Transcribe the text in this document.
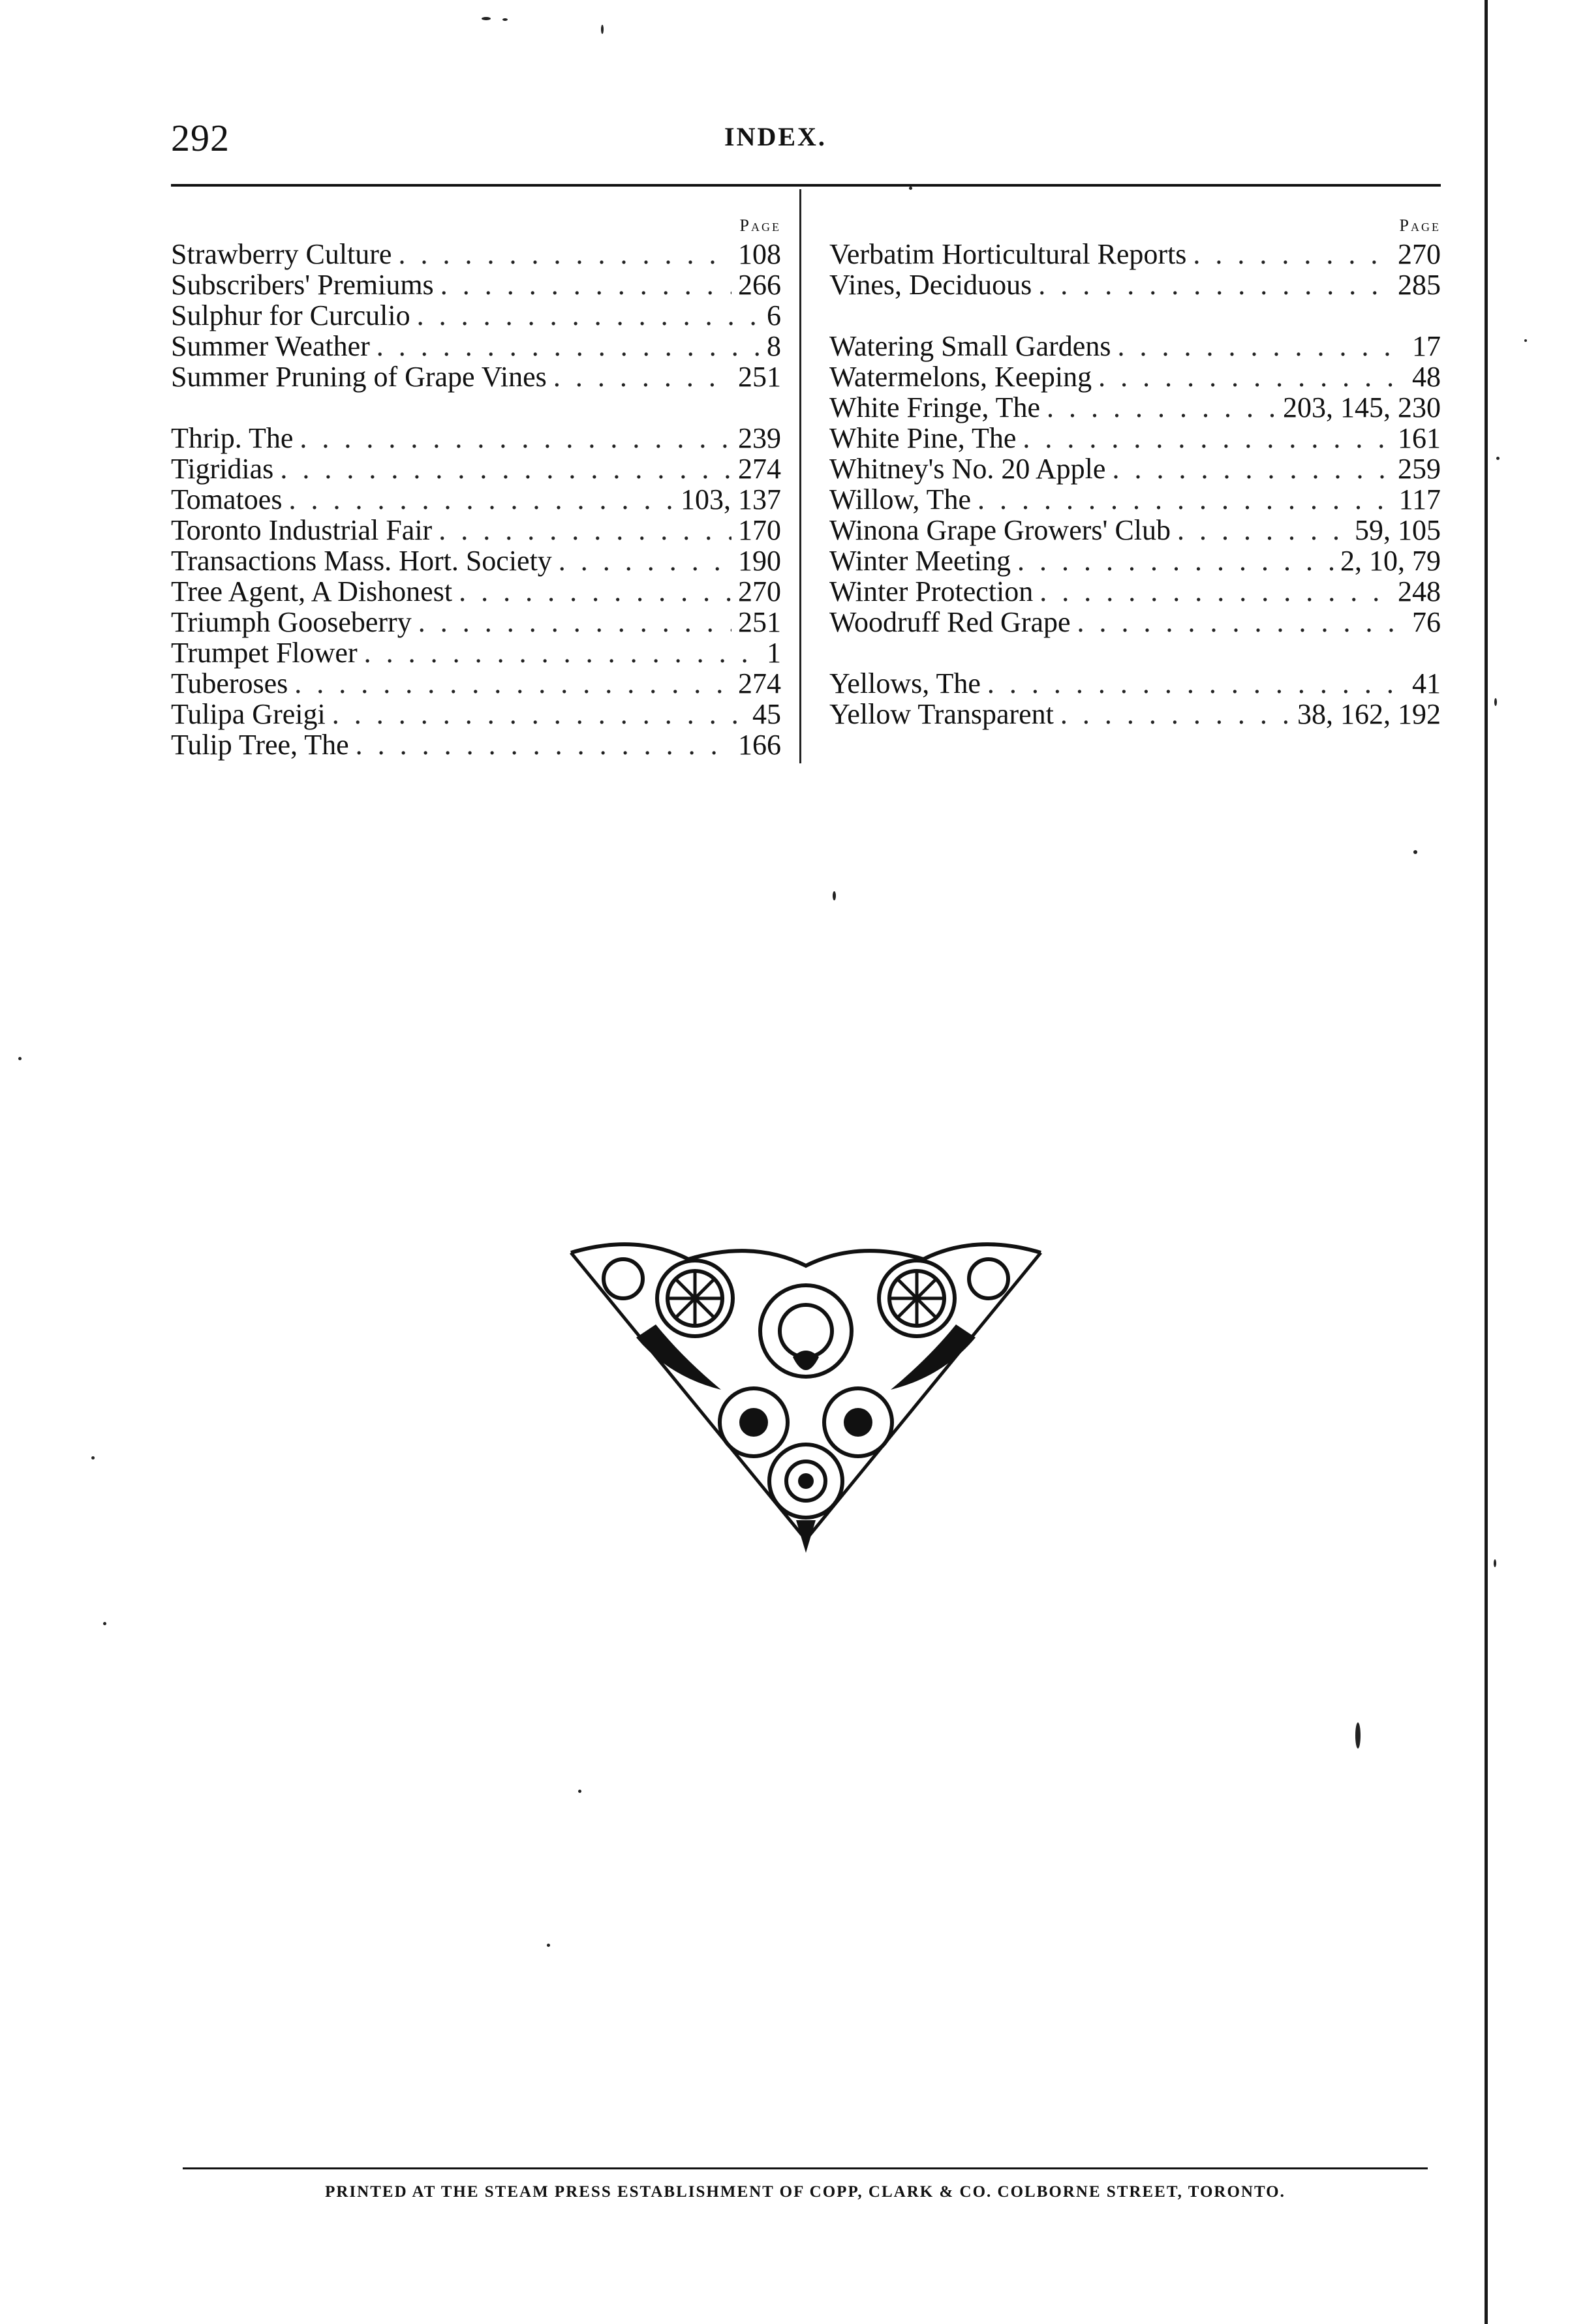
292	INDEX.
Page
Strawberry Culture . . .	108
Subscribers' Premiums . . .	266
Sulphur for Curculio . . .	6
Summer Weather . . .	8
Summer Pruning of Grape Vines . . .	251
Thrip. The . . .	239
Tigridias . . .	274
Tomatoes . . .	103, 137
Toronto Industrial Fair . . .	170
Transactions Mass. Hort. Society . . .	190
Tree Agent, A Dishonest . . .	270
Triumph Gooseberry . . .	251
Trumpet Flower . . .	1
Tuberoses . . .	274
Tulipa Greigi . . .	45
Tulip Tree, The . . .	166
Page
Verbatim Horticultural Reports . . .	270
Vines, Deciduous . . .	285
Watering Small Gardens . . .	17
Watermelons, Keeping . . .	48
White Fringe, The . . .	203, 145, 230
White Pine, The . . .	161
Whitney's No. 20 Apple . . .	259
Willow, The . . .	117
Winona Grape Growers' Club . . .	59, 105
Winter Meeting . . .	2, 10, 79
Winter Protection . . .	248
Woodruff Red Grape . . .	76
Yellows, The . . .	41
Yellow Transparent . . .	38, 162, 192
PRINTED AT THE STEAM PRESS ESTABLISHMENT OF COPP, CLARK & CO. COLBORNE STREET, TORONTO.
